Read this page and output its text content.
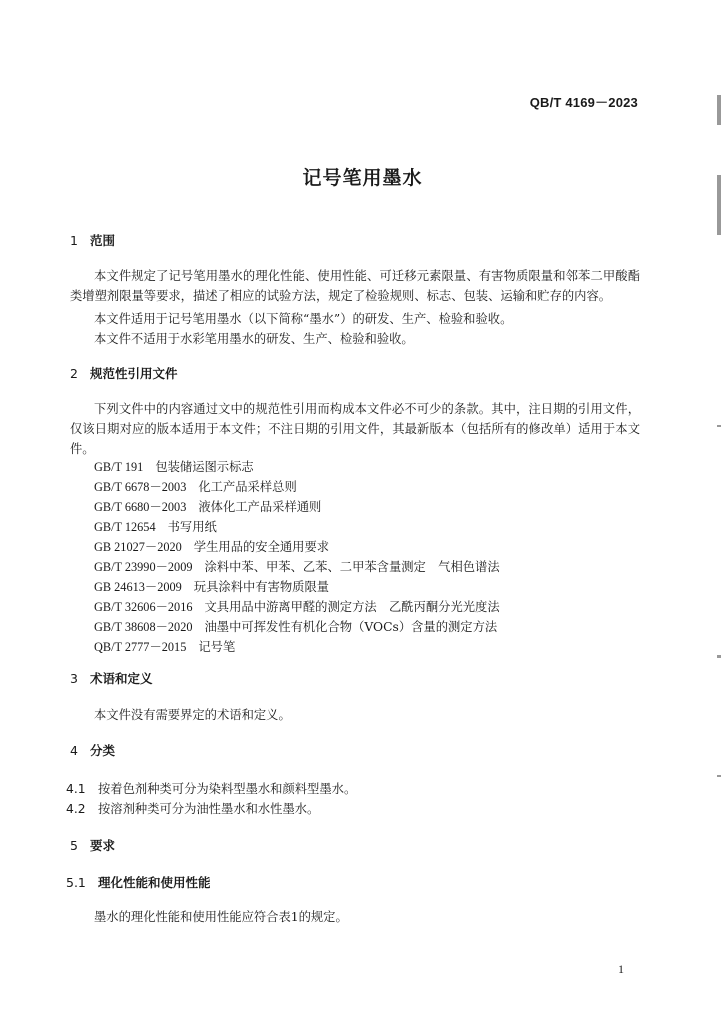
QB/T 4169－2023
记号笔用墨水
1 范围
本文件规定了记号笔用墨水的理化性能、使用性能、可迁移元素限量、有害物质限量和邻苯二甲酸酯类增塑剂限量等要求，描述了相应的试验方法，规定了检验规则、标志、包装、运输和贮存的内容。
本文件适用于记号笔用墨水（以下简称“墨水”）的研发、生产、检验和验收。
本文件不适用于水彩笔用墨水的研发、生产、检验和验收。
2 规范性引用文件
下列文件中的内容通过文中的规范性引用而构成本文件必不可少的条款。其中，注日期的引用文件，仅该日期对应的版本适用于本文件；不注日期的引用文件，其最新版本（包括所有的修改单）适用于本文件。
GB/T 191 包装储运图示标志
GB/T 6678－2003 化工产品采样总则
GB/T 6680－2003 液体化工产品采样通则
GB/T 12654 书写用纸
GB 21027－2020 学生用品的安全通用要求
GB/T 23990－2009 涂料中苯、甲苯、乙苯、二甲苯含量测定　气相色谱法
GB 24613－2009 玩具涂料中有害物质限量
GB/T 32606－2016 文具用品中游离甲醛的测定方法　乙酰丙酮分光光度法
GB/T 38608－2020 油墨中可挥发性有机化合物（VOCs）含量的测定方法
QB/T 2777－2015 记号笔
3 术语和定义
本文件没有需要界定的术语和定义。
4 分类
4.1 按着色剂种类可分为染料型墨水和颜料型墨水。
4.2 按溶剂种类可分为油性墨水和水性墨水。
5 要求
5.1 理化性能和使用性能
墨水的理化性能和使用性能应符合表1的规定。
1
